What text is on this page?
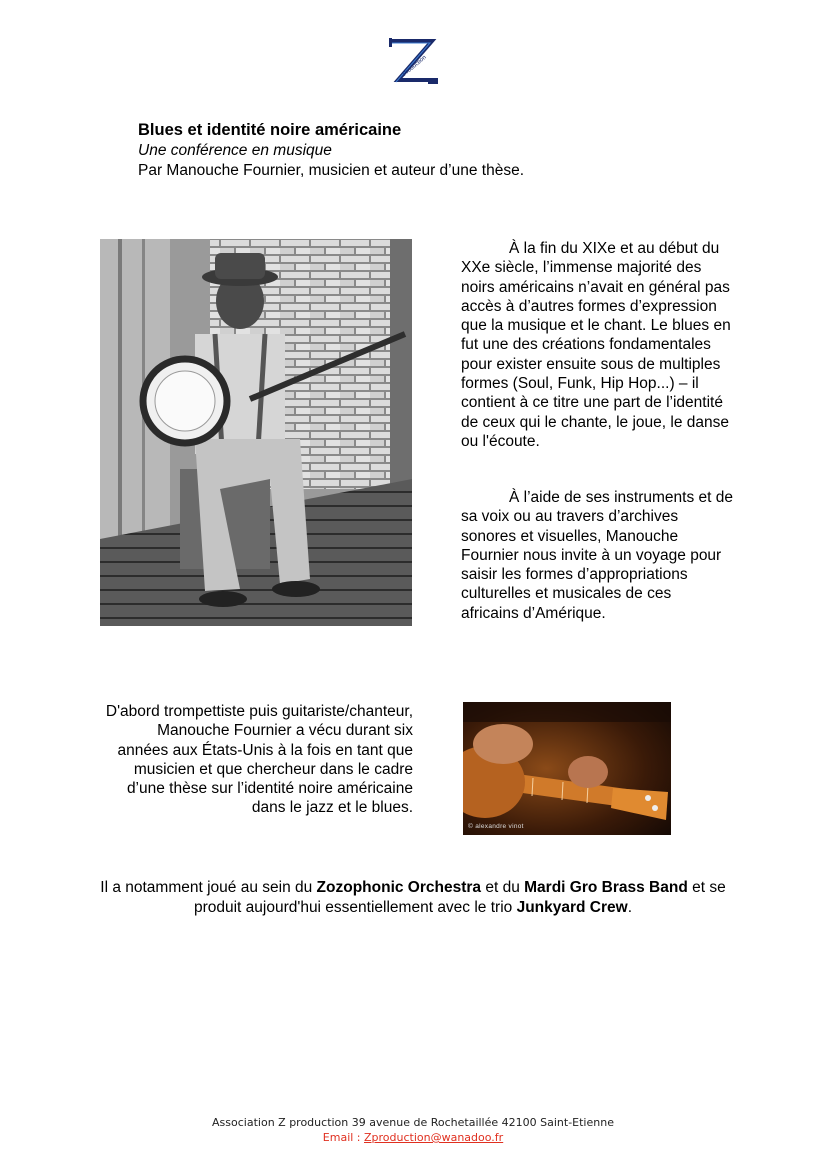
Production
Blues et identité noire américaine
Une conférence en musique
Par Manouche Fournier, musicien et auteur d’une thèse.
À la fin du XIXe et au début du XXe siècle, l’immense majorité des noirs américains n’avait en général pas accès à d’autres formes d’expression que la musique et le chant. Le blues en fut une des créations fondamentales pour exister ensuite sous de multiples formes (Soul, Funk, Hip Hop...) – il contient à ce titre une part de l’identité de ceux qui le chante, le joue, le danse ou l'écoute.
À l’aide de ses instruments et de sa voix ou au travers d’archives sonores et visuelles, Manouche Fournier nous invite à un voyage pour saisir les formes d’appropriations culturelles et musicales de ces africains d’Amérique.
D'abord trompettiste puis guitariste/chanteur, Manouche Fournier a vécu durant six années aux États-Unis à la fois en tant que musicien et que chercheur dans le cadre d’une thèse sur l’identité noire américaine dans le jazz et le blues.
© alexandre vinot
Il a notamment joué au sein du Zozophonic Orchestra et du Mardi Gro Brass Band et se produit aujourd'hui essentiellement avec le trio Junkyard Crew.
Association Z production 39 avenue de Rochetaillée 42100 Saint-Etienne
Email : Zproduction@wanadoo.fr
